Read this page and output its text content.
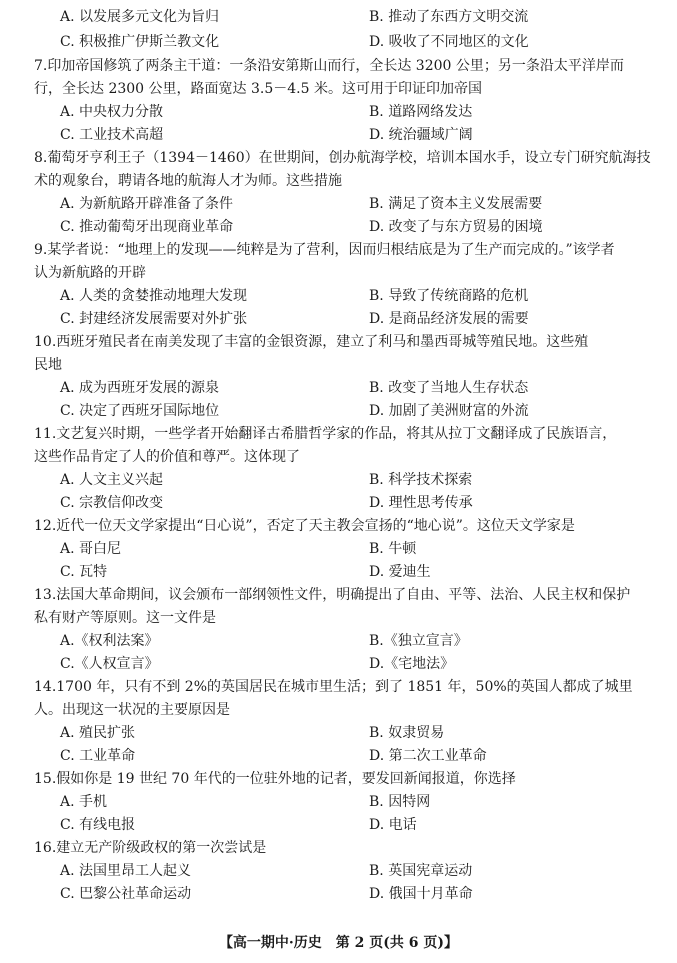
A. 以发展多元文化为旨归	B. 推动了东西方文明交流
C. 积极推广伊斯兰教文化	D. 吸收了不同地区的文化
7.印加帝国修筑了两条主干道：一条沿安第斯山而行，全长达 3200 公里；另一条沿太平洋岸而
行，全长达 2300 公里，路面宽达 3.5－4.5 米。这可用于印证印加帝国
A. 中央权力分散	B. 道路网络发达
C. 工业技术高超	D. 统治疆域广阔
8.葡萄牙亨利王子（1394－1460）在世期间，创办航海学校，培训本国水手，设立专门研究航海技
术的观象台，聘请各地的航海人才为师。这些措施
A. 为新航路开辟准备了条件	B. 满足了资本主义发展需要
C. 推动葡萄牙出现商业革命	D. 改变了与东方贸易的困境
9.某学者说：“地理上的发现——纯粹是为了营利，因而归根结底是为了生产而完成的。”该学者
认为新航路的开辟
A. 人类的贪婪推动地理大发现	B. 导致了传统商路的危机
C. 封建经济发展需要对外扩张	D. 是商品经济发展的需要
10.西班牙殖民者在南美发现了丰富的金银资源，建立了利马和墨西哥城等殖民地。这些殖
民地
A. 成为西班牙发展的源泉	B. 改变了当地人生存状态
C. 决定了西班牙国际地位	D. 加剧了美洲财富的外流
11.文艺复兴时期，一些学者开始翻译古希腊哲学家的作品，将其从拉丁文翻译成了民族语言，
这些作品肯定了人的价值和尊严。这体现了
A. 人文主义兴起	B. 科学技术探索
C. 宗教信仰改变	D. 理性思考传承
12.近代一位天文学家提出“日心说”，否定了天主教会宣扬的“地心说”。这位天文学家是
A. 哥白尼	B. 牛顿
C. 瓦特	D. 爱迪生
13.法国大革命期间，议会颁布一部纲领性文件，明确提出了自由、平等、法治、人民主权和保护
私有财产等原则。这一文件是
A.《权利法案》	B.《独立宣言》
C.《人权宣言》	D.《宅地法》
14.1700 年，只有不到 2%的英国居民在城市里生活；到了 1851 年，50%的英国人都成了城里
人。出现这一状况的主要原因是
A. 殖民扩张	B. 奴隶贸易
C. 工业革命	D. 第二次工业革命
15.假如你是 19 世纪 70 年代的一位驻外地的记者，要发回新闻报道，你选择
A. 手机	B. 因特网
C. 有线电报	D. 电话
16.建立无产阶级政权的第一次尝试是
A. 法国里昂工人起义	B. 英国宪章运动
C. 巴黎公社革命运动	D. 俄国十月革命
【高一期中·历史　第 2 页(共 6 页)】
